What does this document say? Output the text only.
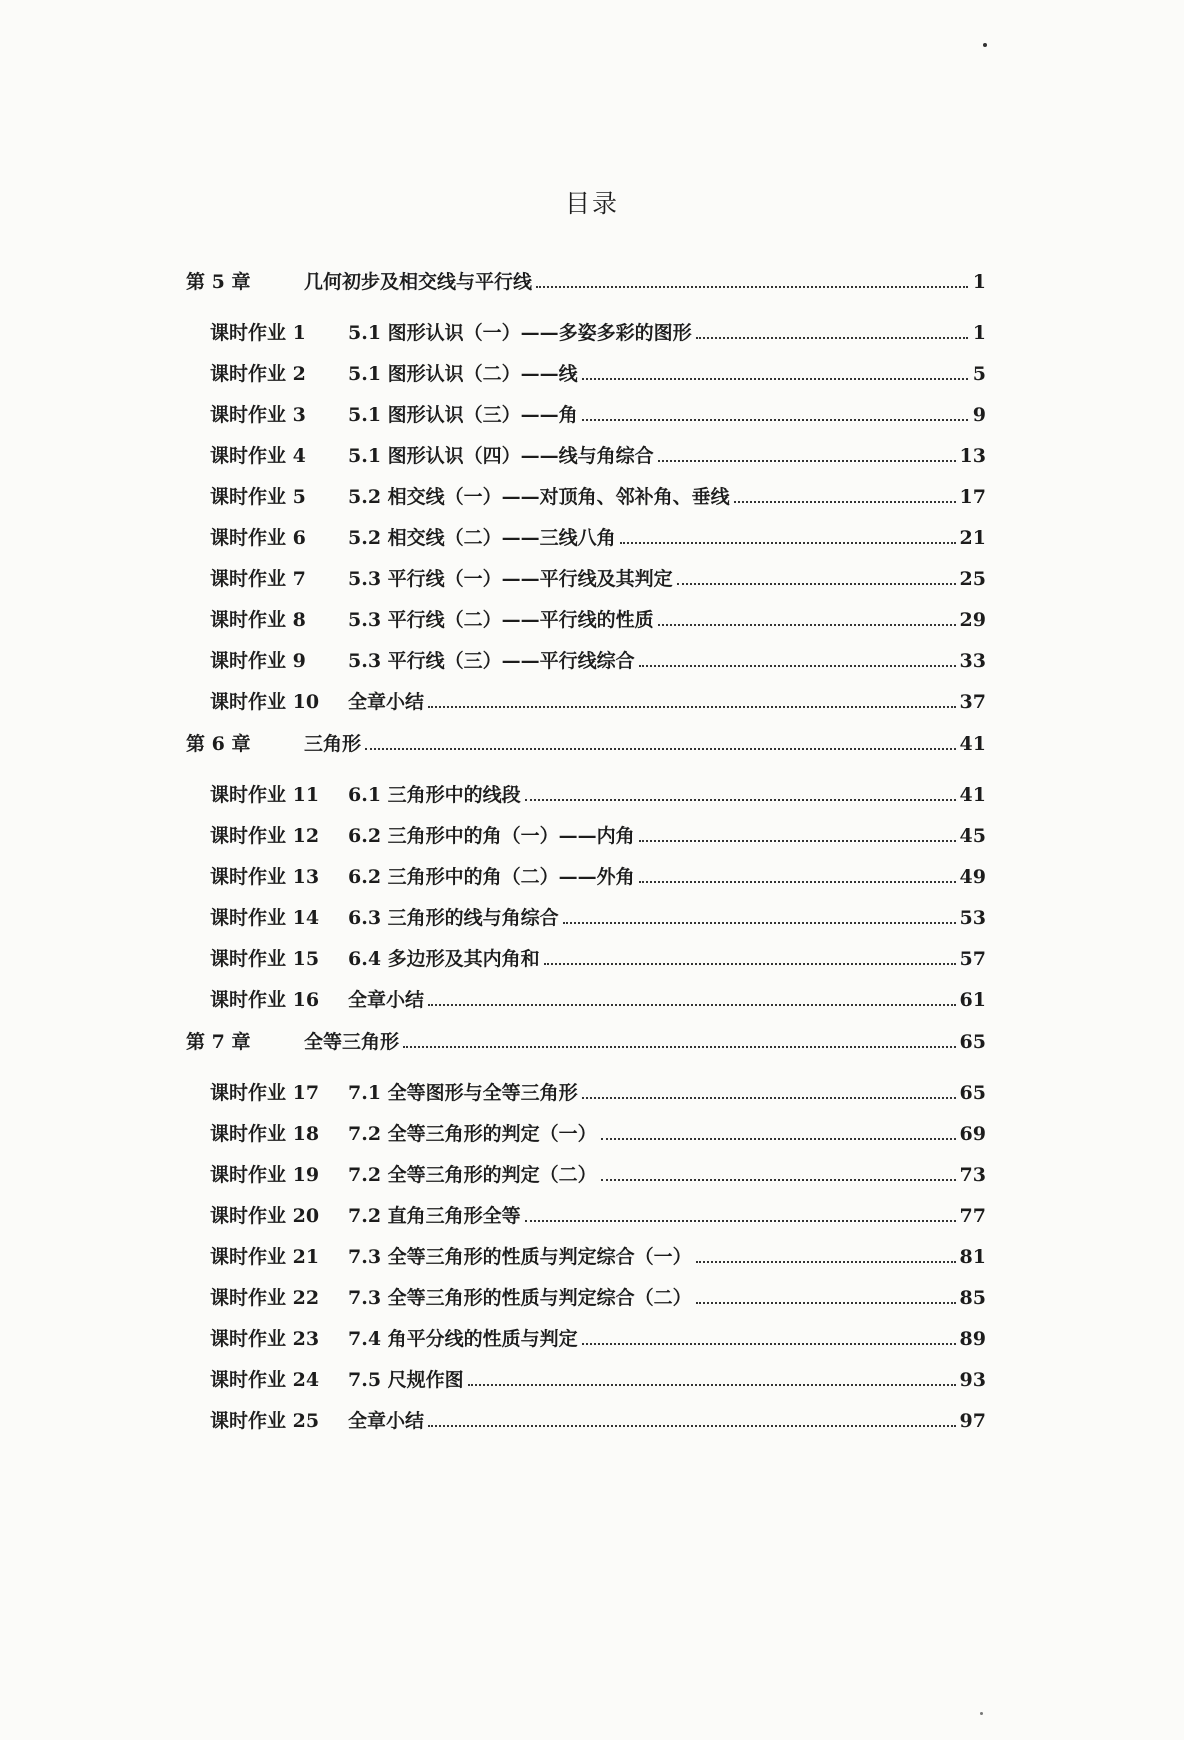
目录
第 5 章	几何初步及相交线与平行线	1
课时作业 1	5.1 图形认识（一）——多姿多彩的图形	1
课时作业 2	5.1 图形认识（二）——线	5
课时作业 3	5.1 图形认识（三）——角	9
课时作业 4	5.1 图形认识（四）——线与角综合	13
课时作业 5	5.2 相交线（一）——对顶角、邻补角、垂线	17
课时作业 6	5.2 相交线（二）——三线八角	21
课时作业 7	5.3 平行线（一）——平行线及其判定	25
课时作业 8	5.3 平行线（二）——平行线的性质	29
课时作业 9	5.3 平行线（三）——平行线综合	33
课时作业 10	全章小结	37
第 6 章	三角形	41
课时作业 11	6.1 三角形中的线段	41
课时作业 12	6.2 三角形中的角（一）——内角	45
课时作业 13	6.2 三角形中的角（二）——外角	49
课时作业 14	6.3 三角形的线与角综合	53
课时作业 15	6.4 多边形及其内角和	57
课时作业 16	全章小结	61
第 7 章	全等三角形	65
课时作业 17	7.1 全等图形与全等三角形	65
课时作业 18	7.2 全等三角形的判定（一）	69
课时作业 19	7.2 全等三角形的判定（二）	73
课时作业 20	7.2 直角三角形全等	77
课时作业 21	7.3 全等三角形的性质与判定综合（一）	81
课时作业 22	7.3 全等三角形的性质与判定综合（二）	85
课时作业 23	7.4 角平分线的性质与判定	89
课时作业 24	7.5 尺规作图	93
课时作业 25	全章小结	97
